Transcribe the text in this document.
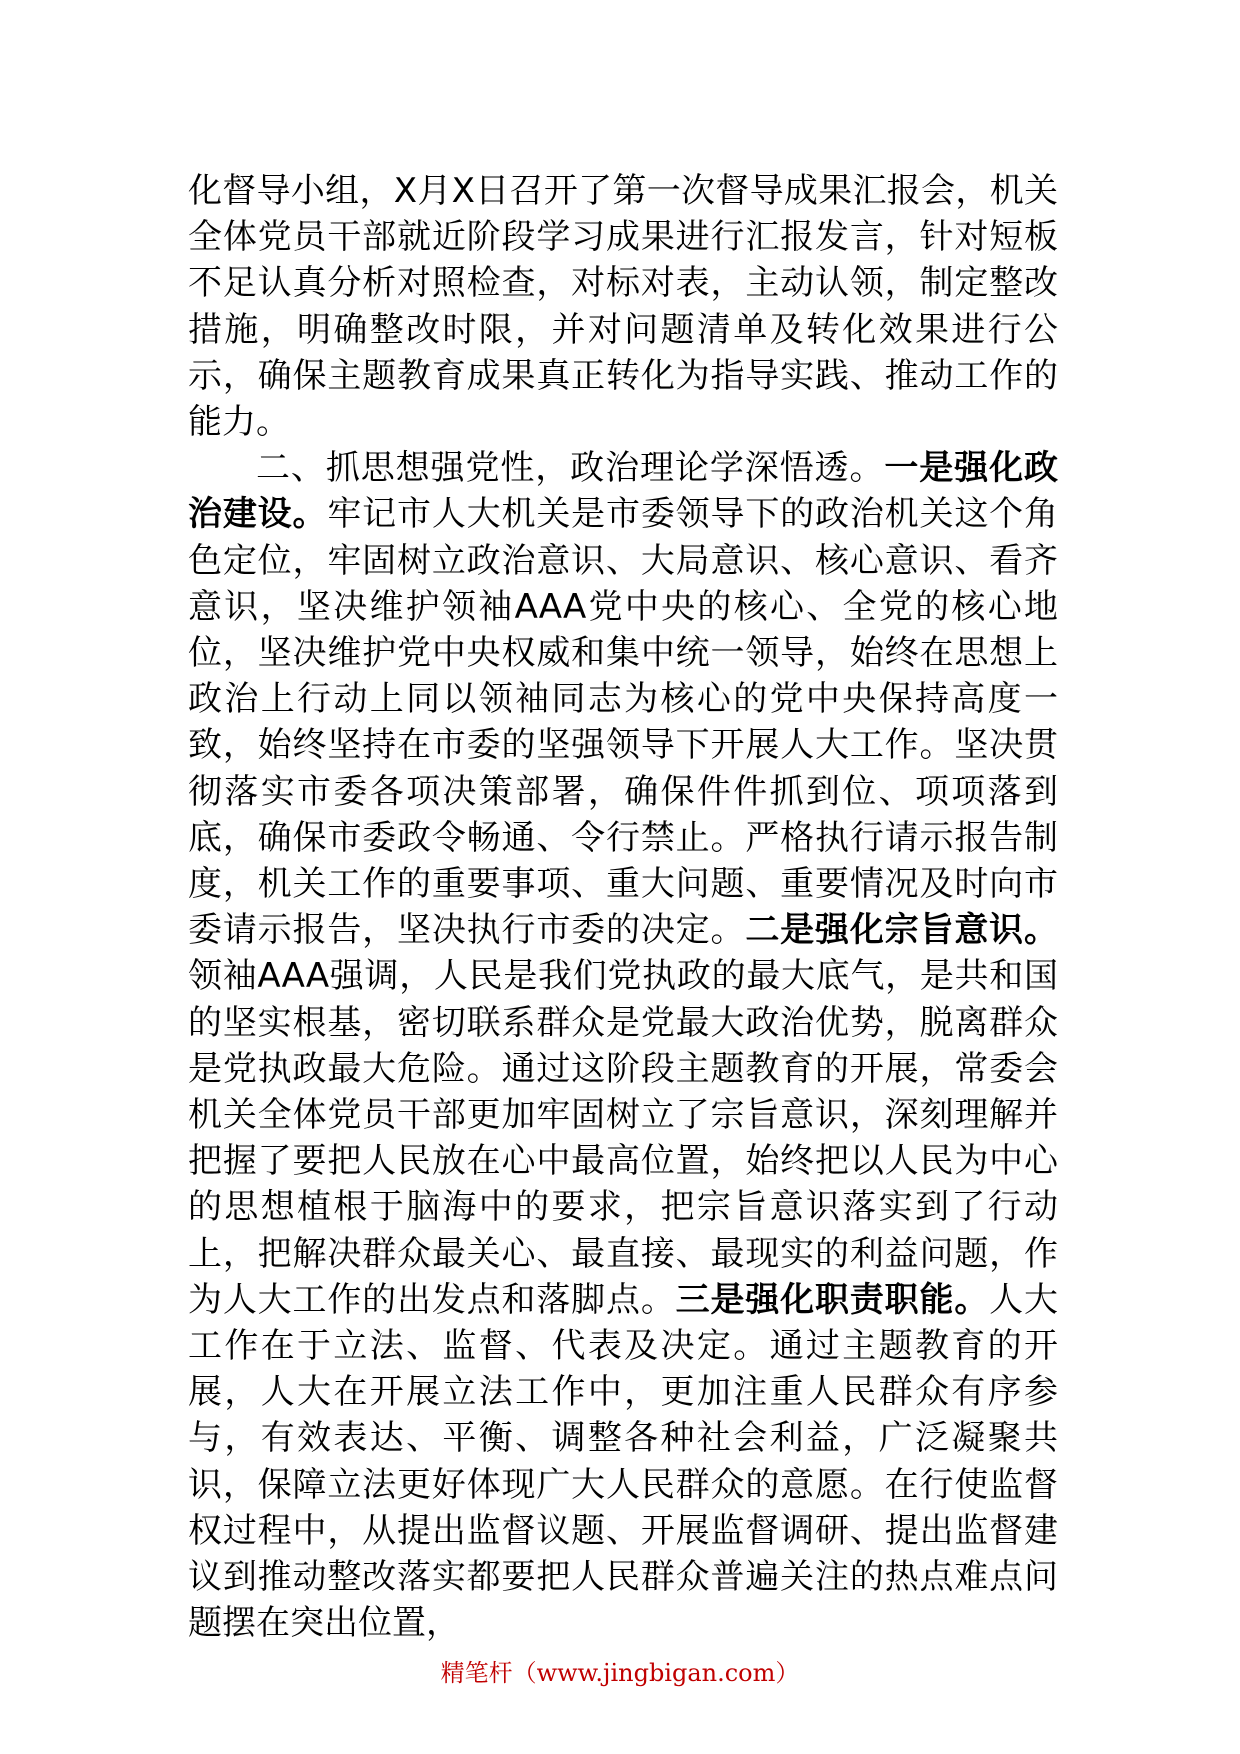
化督导小组，X月X日召开了第一次督导成果汇报会，机关全体党员干部就近阶段学习成果进行汇报发言，针对短板不足认真分析对照检查，对标对表，主动认领，制定整改措施，明确整改时限，并对问题清单及转化效果进行公示，确保主题教育成果真正转化为指导实践、推动工作的能力。

二、抓思想强党性，政治理论学深悟透。一是强化政治建设。牢记市人大机关是市委领导下的政治机关这个角色定位，牢固树立政治意识、大局意识、核心意识、看齐意识，坚决维护领袖AAA党中央的核心、全党的核心地位，坚决维护党中央权威和集中统一领导，始终在思想上政治上行动上同以领袖同志为核心的党中央保持高度一致，始终坚持在市委的坚强领导下开展人大工作。坚决贯彻落实市委各项决策部署，确保件件抓到位、项项落到底，确保市委政令畅通、令行禁止。严格执行请示报告制度，机关工作的重要事项、重大问题、重要情况及时向市委请示报告，坚决执行市委的决定。二是强化宗旨意识。领袖AAA强调，人民是我们党执政的最大底气，是共和国的坚实根基，密切联系群众是党最大政治优势，脱离群众是党执政最大危险。通过这阶段主题教育的开展，常委会机关全体党员干部更加牢固树立了宗旨意识，深刻理解并把握了要把人民放在心中最高位置，始终把以人民为中心的思想植根于脑海中的要求，把宗旨意识落实到了行动上，把解决群众最关心、最直接、最现实的利益问题，作为人大工作的出发点和落脚点。三是强化职责职能。人大工作在于立法、监督、代表及决定。通过主题教育的开展，人大在开展立法工作中，更加注重人民群众有序参与，有效表达、平衡、调整各种社会利益，广泛凝聚共识，保障立法更好体现广大人民群众的意愿。在行使监督权过程中，从提出监督议题、开展监督调研、提出监督建议到推动整改落实都要把人民群众普遍关注的热点难点问题摆在突出位置，

精笔杆（www.jingbigan.com）
